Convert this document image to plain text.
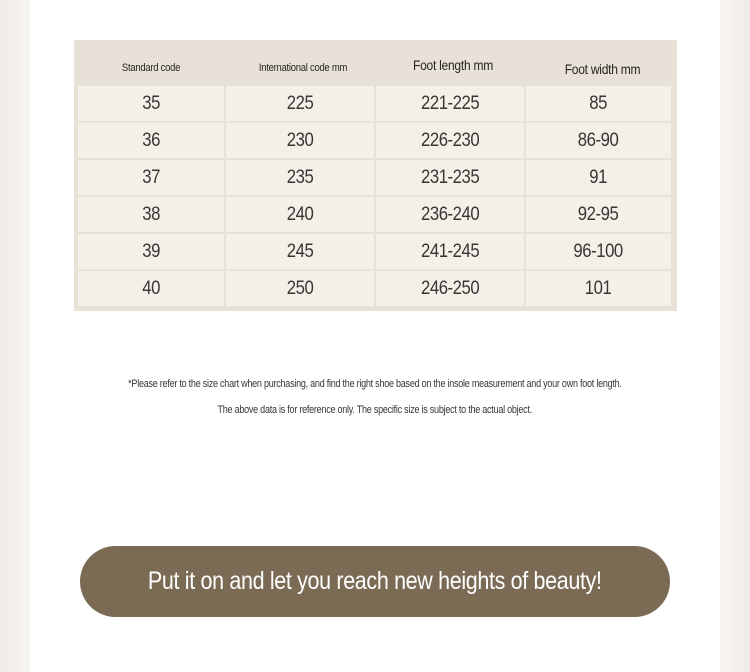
Standard code	International code mm	Foot length mm	Foot width mm
35	225	221-225	85
36	230	226-230	86-90
37	235	231-235	91
38	240	236-240	92-95
39	245	241-245	96-100
40	250	246-250	101
*Please refer to the size chart when purchasing, and find the right shoe based on the insole measurement and your own foot length.
The above data is for reference only. The specific size is subject to the actual object.
Put it on and let you reach new heights of beauty!
